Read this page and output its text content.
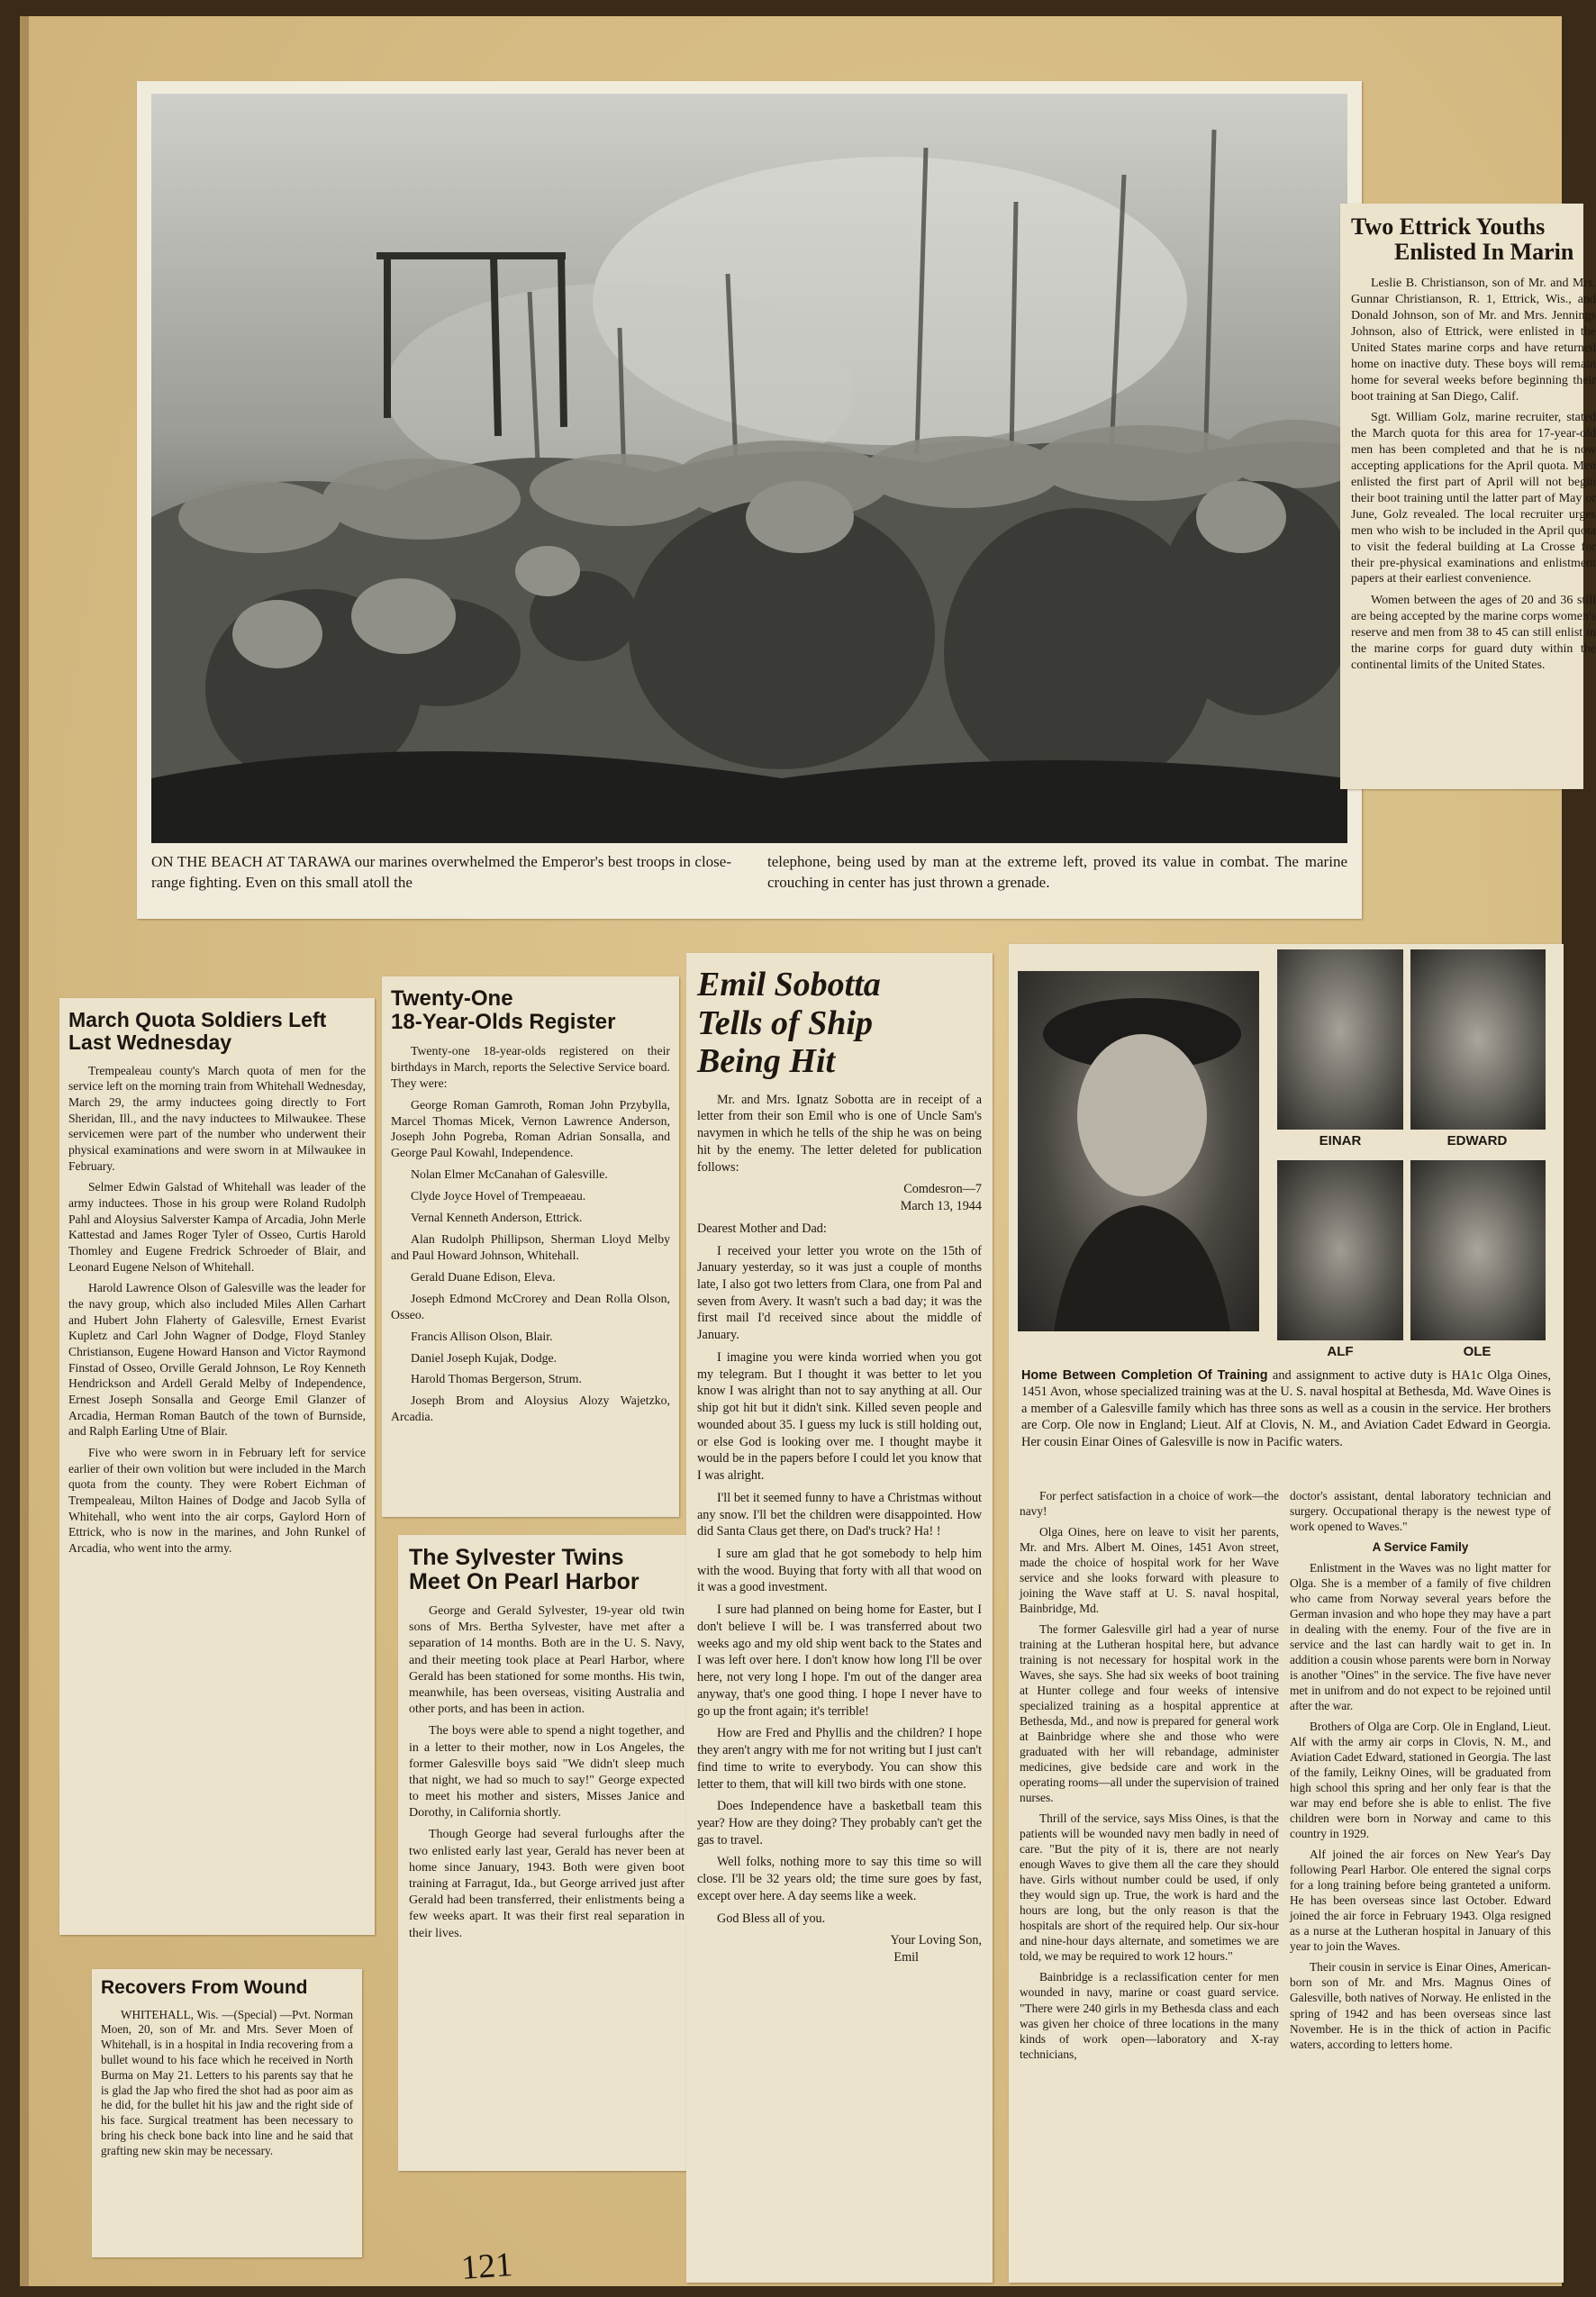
ON THE BEACH AT TARAWA our marines overwhelmed the Emperor's best troops in close-range fighting. Even on this small atoll the
telephone, being used by man at the extreme left, proved its value in combat. The marine crouching in center has just thrown a grenade.
Two Ettrick Youths
Enlisted In Marin

Leslie B. Christianson, son of Mr. and Mrs. Gunnar Christianson, R. 1, Ettrick, Wis., and Donald Johnson, son of Mr. and Mrs. Jennings Johnson, also of Ettrick, were enlisted in the United States marine corps and have returned home on inactive duty. These boys will remain home for several weeks before beginning their boot training at San Diego, Calif.

Sgt. William Golz, marine recruiter, stated the March quota for this area for 17-year-old men has been completed and that he is now accepting applications for the April quota. Men enlisted the first part of April will not begin their boot training until the latter part of May or June, Golz revealed. The local recruiter urges men who wish to be included in the April quota to visit the federal building at La Crosse for their pre-physical examinations and enlistment papers at their earliest convenience.

Women between the ages of 20 and 36 still are being accepted by the marine corps women's reserve and men from 38 to 45 can still enlist in the marine corps for guard duty within the continental limits of the United States.

March Quota Soldiers Left Last Wednesday

Trempealeau county's March quota of men for the service left on the morning train from Whitehall Wednesday, March 29, the army inductees going directly to Fort Sheridan, Ill., and the navy inductees to Milwaukee. These servicemen were part of the number who underwent their physical examinations and were sworn in at Milwaukee in February.

Selmer Edwin Galstad of Whitehall was leader of the army inductees. Those in his group were Roland Rudolph Pahl and Aloysius Salverster Kampa of Arcadia, John Merle Kattestad and James Roger Tyler of Osseo, Curtis Harold Thomley and Eugene Fredrick Schroeder of Blair, and Leonard Eugene Nelson of Whitehall.

Harold Lawrence Olson of Galesville was the leader for the navy group, which also included Miles Allen Carhart and Hubert John Flaherty of Galesville, Ernest Evarist Kupletz and Carl John Wagner of Dodge, Floyd Stanley Christianson, Eugene Howard Hanson and Victor Raymond Finstad of Osseo, Orville Gerald Johnson, Le Roy Kenneth Hendrickson and Ardell Gerald Melby of Independence, Ernest Joseph Sonsalla and George Emil Glanzer of Arcadia, Herman Roman Bautch of the town of Burnside, and Ralph Earling Utne of Blair.

Five who were sworn in in February left for service earlier of their own volition but were included in the March quota from the county. They were Robert Eichman of Trempealeau, Milton Haines of Dodge and Jacob Sylla of Whitehall, who went into the air corps, Gaylord Horn of Ettrick, who is now in the marines, and John Runkel of Arcadia, who went into the army.

Recovers From Wound

WHITEHALL, Wis. —(Special) —Pvt. Norman Moen, 20, son of Mr. and Mrs. Sever Moen of Whitehall, is in a hospital in India recovering from a bullet wound to his face which he received in North Burma on May 21. Letters to his parents say that he is glad the Jap who fired the shot had as poor aim as he did, for the bullet hit his jaw and the right side of his face. Surgical treatment has been necessary to bring his check bone back into line and he said that grafting new skin may be necessary.

Twenty-One
18-Year-Olds Register

Twenty-one 18-year-olds registered on their birthdays in March, reports the Selective Service board. They were:

George Roman Gamroth, Roman John Przybylla, Marcel Thomas Micek, Vernon Lawrence Anderson, Joseph John Pogreba, Roman Adrian Sonsalla, and George Paul Kowahl, Independence.

Nolan Elmer McCanahan of Galesville.

Clyde Joyce Hovel of Trempeaeau.

Vernal Kenneth Anderson, Ettrick.

Alan Rudolph Phillipson, Sherman Lloyd Melby and Paul Howard Johnson, Whitehall.

Gerald Duane Edison, Eleva.

Joseph Edmond McCrorey and Dean Rolla Olson, Osseo.

Francis Allison Olson, Blair.

Daniel Joseph Kujak, Dodge.

Harold Thomas Bergerson, Strum.

Joseph Brom and Aloysius Alozy Wajetzko, Arcadia.

The Sylvester Twins
Meet On Pearl Harbor

George and Gerald Sylvester, 19-year old twin sons of Mrs. Bertha Sylvester, have met after a separation of 14 months. Both are in the U. S. Navy, and their meeting took place at Pearl Harbor, where Gerald has been stationed for some months. His twin, meanwhile, has been overseas, visiting Australia and other ports, and has been in action.

The boys were able to spend a night together, and in a letter to their mother, now in Los Angeles, the former Galesville boys said "We didn't sleep much that night, we had so much to say!" George expected to meet his mother and sisters, Misses Janice and Dorothy, in California shortly.

Though George had several furloughs after the two enlisted early last year, Gerald has never been at home since January, 1943. Both were given boot training at Farragut, Ida., but George arrived just after Gerald had been transferred, their enlistments being a few weeks apart. It was their first real separation in their lives.

Emil Sobotta
Tells of Ship
Being Hit

Mr. and Mrs. Ignatz Sobotta are in receipt of a letter from their son Emil who is one of Uncle Sam's navymen in which he tells of the ship he was on being hit by the enemy. The letter deleted for publication follows:

Comdesron—7

March 13, 1944

Dearest Mother and Dad:

I received your letter you wrote on the 15th of January yesterday, so it was just a couple of months late, I also got two letters from Clara, one from Pal and seven from Avery. It wasn't such a bad day; it was the first mail I'd received since about the middle of January.

I imagine you were kinda worried when you got my telegram. But I thought it was better to let you know I was alright than not to say anything at all. Our ship got hit but it didn't sink. Killed seven people and wounded about 35. I guess my luck is still holding out, or else God is looking over me. I thought maybe it would be in the papers before I could let you know that I was alright.

I'll bet it seemed funny to have a Christmas without any snow. I'll bet the children were disappointed. How did Santa Claus get there, on Dad's truck? Ha! !

I sure am glad that he got somebody to help him with the wood. Buying that forty with all that wood on it was a good investment.

I sure had planned on being home for Easter, but I don't believe I will be. I was transferred about two weeks ago and my old ship went back to the States and I was left over here. I don't know how long I'll be over here, not very long I hope. I'm out of the danger area anyway, that's one good thing. I hope I never have to go up the front again; it's terrible!

How are Fred and Phyllis and the children? I hope they aren't angry with me for not writing but I just can't find time to write to everybody. You can show this letter to them, that will kill two birds with one stone.

Does Independence have a basketball team this year? How are they doing? They probably can't get the gas to travel.

Well folks, nothing more to say this time so will close. I'll be 32 years old; the time sure goes by fast, except over here. A day seems like a week.

God Bless all of you.

Your Loving Son,

Emil

EINAR	EDWARD
ALF	OLE
Home Between Completion Of Training and assignment to active duty is HA1c Olga Oines, 1451 Avon, whose specialized training was at the U. S. naval hospital at Bethesda, Md. Wave Oines is a member of a Galesville family which has three sons as well as a cousin in the service. Her brothers are Corp. Ole now in England; Lieut. Alf at Clovis, N. M., and Aviation Cadet Edward in Georgia. Her cousin Einar Oines of Galesville is now in Pacific waters.

For perfect satisfaction in a choice of work—the navy!

Olga Oines, here on leave to visit her parents, Mr. and Mrs. Albert M. Oines, 1451 Avon street, made the choice of hospital work for her Wave service and she looks forward with pleasure to joining the Wave staff at U. S. naval hospital, Bainbridge, Md.

The former Galesville girl had a year of nurse training at the Lutheran hospital here, but advance training is not necessary for hospital work in the Waves, she says. She had six weeks of boot training at Hunter college and four weeks of intensive specialized training as a hospital apprentice at Bethesda, Md., and now is prepared for general work at Bainbridge where she and those who were graduated with her will rebandage, administer medicines, give bedside care and work in the operating rooms—all under the supervision of trained nurses.

Thrill of the service, says Miss Oines, is that the patients will be wounded navy men badly in need of care. "But the pity of it is, there are not nearly enough Waves to give them all the care they should have. Girls without number could be used, if only they would sign up. True, the work is hard and the hours are long, but the only reason is that the hospitals are short of the required help. Our six-hour and nine-hour days alternate, and sometimes we are told, we may be required to work 12 hours."

Bainbridge is a reclassification center for men wounded in navy, marine or coast guard service. "There were 240 girls in my Bethesda class and each was given her choice of three locations in the many kinds of work open—laboratory and X-ray technicians,

doctor's assistant, dental laboratory technician and surgery. Occupational therapy is the newest type of work opened to Waves."

A Service Family

Enlistment in the Waves was no light matter for Olga. She is a member of a family of five children who came from Norway several years before the German invasion and who hope they may have a part in dealing with the enemy. Four of the five are in service and the last can hardly wait to get in. In addition a cousin whose parents were born in Norway is another "Oines" in the service. The five have never met in unifrom and do not expect to be rejoined until after the war.

Brothers of Olga are Corp. Ole in England, Lieut. Alf with the army air corps in Clovis, N. M., and Aviation Cadet Edward, stationed in Georgia. The last of the family, Leikny Oines, will be graduated from high school this spring and her only fear is that the war may end before she is able to enlist. The five children were born in Norway and came to this country in 1929.

Alf joined the air forces on New Year's Day following Pearl Harbor. Ole entered the signal corps for a long training before being granteted a uniform. He has been overseas since last October. Edward joined the air force in February 1943. Olga resigned as a nurse at the Lutheran hospital in January of this year to join the Waves.

Their cousin in service is Einar Oines, American-born son of Mr. and Mrs. Magnus Oines of Galesville, both natives of Norway. He enlisted in the spring of 1942 and has been overseas since last November. He is in the thick of action in Pacific waters, according to letters home.

121
